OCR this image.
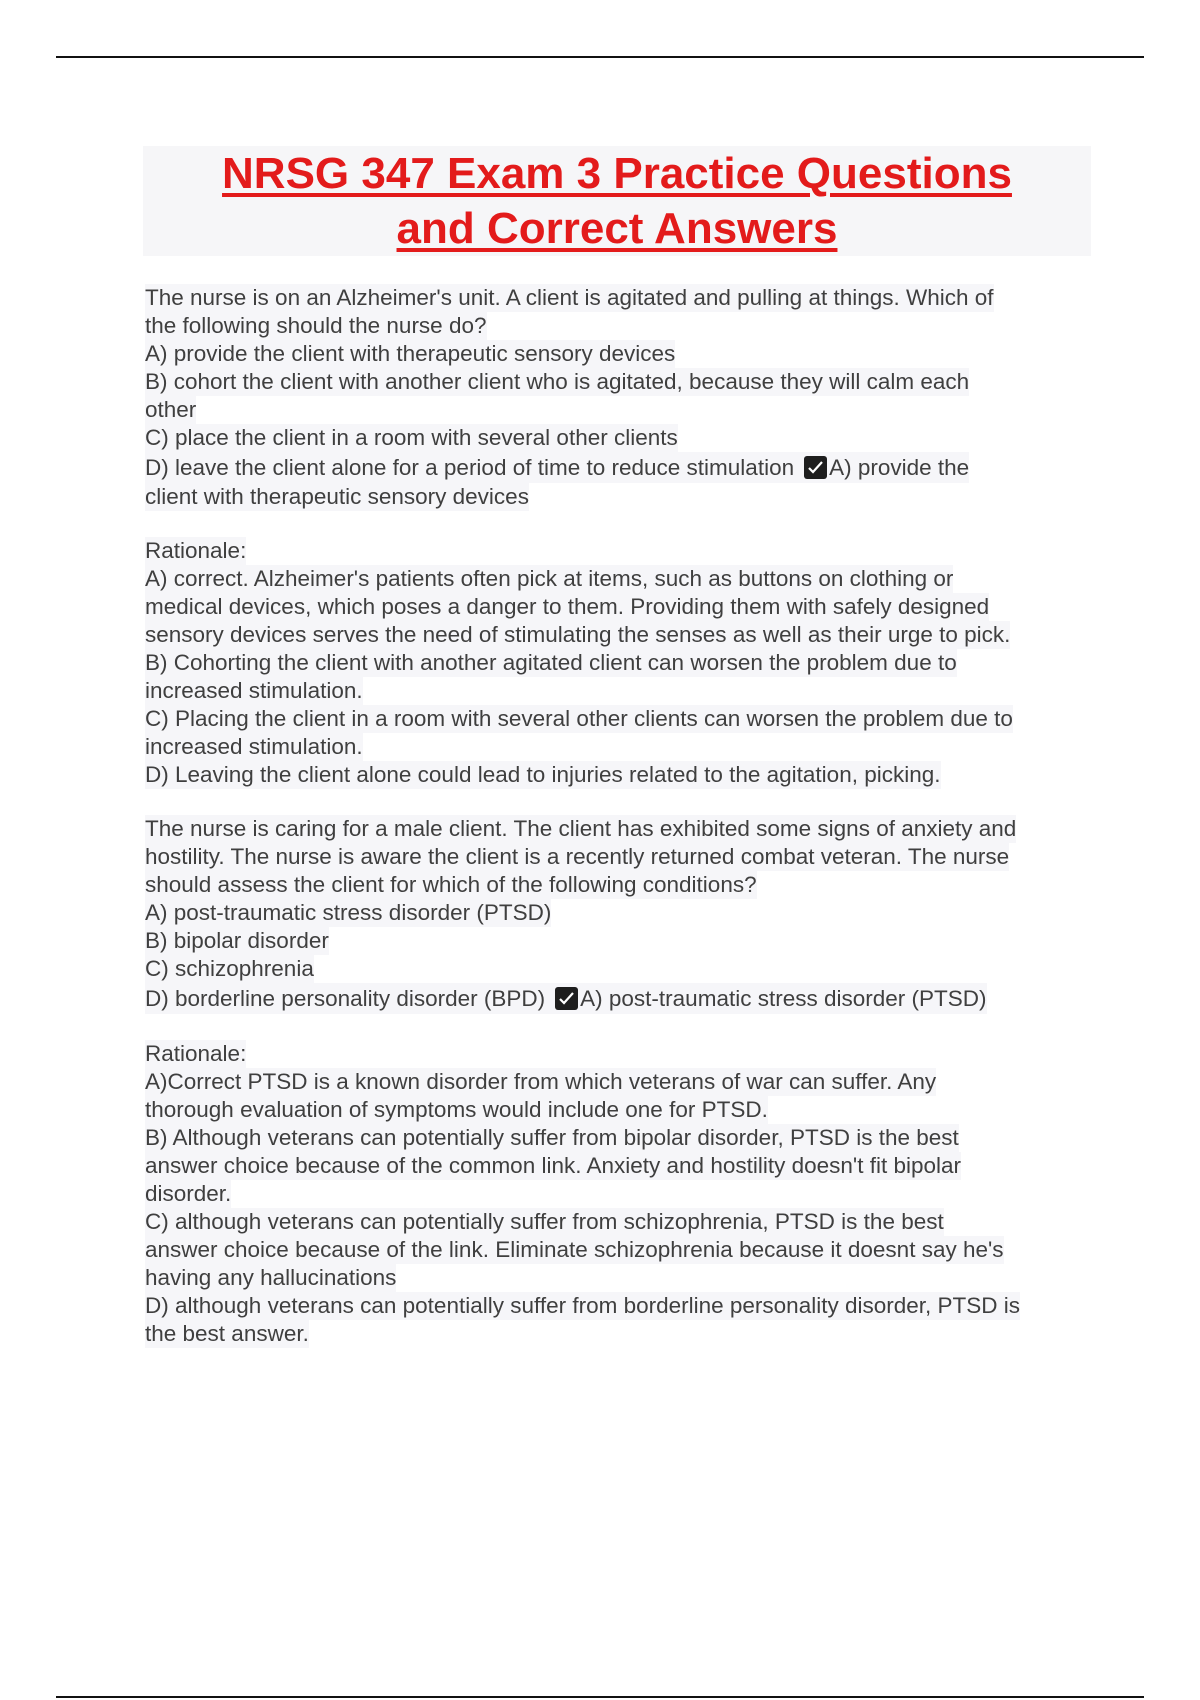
NRSG 347 Exam 3 Practice Questions
and Correct Answers
The nurse is on an Alzheimer's unit. A client is agitated and pulling at things. Which of
the following should the nurse do?
A) provide the client with therapeutic sensory devices
B) cohort the client with another client who is agitated, because they will calm each
other
C) place the client in a room with several other clients
D) leave the client alone for a period of time to reduce stimulation A) provide the
client with therapeutic sensory devices
Rationale:
A) correct. Alzheimer's patients often pick at items, such as buttons on clothing or
medical devices, which poses a danger to them. Providing them with safely designed
sensory devices serves the need of stimulating the senses as well as their urge to pick.
B) Cohorting the client with another agitated client can worsen the problem due to
increased stimulation.
C) Placing the client in a room with several other clients can worsen the problem due to
increased stimulation.
D) Leaving the client alone could lead to injuries related to the agitation, picking.
The nurse is caring for a male client. The client has exhibited some signs of anxiety and
hostility. The nurse is aware the client is a recently returned combat veteran. The nurse
should assess the client for which of the following conditions?
A) post-traumatic stress disorder (PTSD)
B) bipolar disorder
C) schizophrenia
D) borderline personality disorder (BPD) A) post-traumatic stress disorder (PTSD)
Rationale:
A)Correct PTSD is a known disorder from which veterans of war can suffer. Any
thorough evaluation of symptoms would include one for PTSD.
B) Although veterans can potentially suffer from bipolar disorder, PTSD is the best
answer choice because of the common link. Anxiety and hostility doesn't fit bipolar
disorder.
C) although veterans can potentially suffer from schizophrenia, PTSD is the best
answer choice because of the link. Eliminate schizophrenia because it doesnt say he's
having any hallucinations
D) although veterans can potentially suffer from borderline personality disorder, PTSD is
the best answer.
